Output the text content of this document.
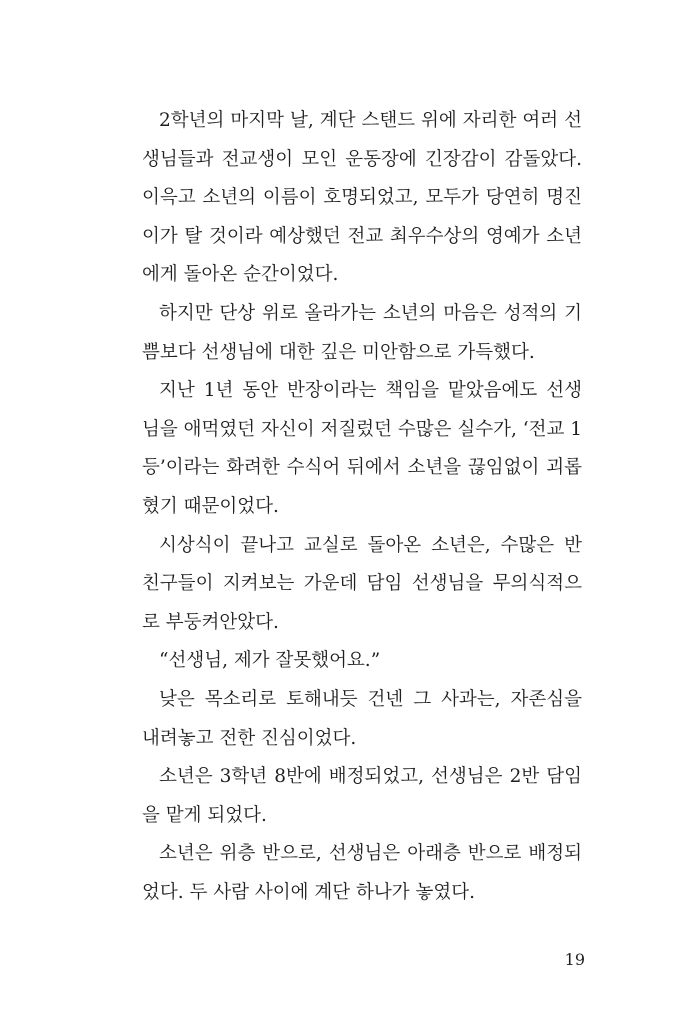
2학년의 마지막 날, 계단 스탠드 위에 자리한 여러 선
생님들과 전교생이 모인 운동장에 긴장감이 감돌았다.
이윽고 소년의 이름이 호명되었고, 모두가 당연히 명진
이가 탈 것이라 예상했던 전교 최우수상의 영예가 소년
에게 돌아온 순간이었다.

하지만 단상 위로 올라가는 소년의 마음은 성적의 기
쁨보다 선생님에 대한 깊은 미안함으로 가득했다.

지난 1년 동안 반장이라는 책임을 맡았음에도 선생
님을 애먹였던 자신이 저질렀던 수많은 실수가, ‘전교 1
등’이라는 화려한 수식어 뒤에서 소년을 끊임없이 괴롭
혔기 때문이었다.

시상식이 끝나고 교실로 돌아온 소년은, 수많은 반
친구들이 지켜보는 가운데 담임 선생님을 무의식적으
로 부둥켜안았다.

“선생님, 제가 잘못했어요.”

낮은 목소리로 토해내듯 건넨 그 사과는, 자존심을
내려놓고 전한 진심이었다.

소년은 3학년 8반에 배정되었고, 선생님은 2반 담임
을 맡게 되었다.

소년은 위층 반으로, 선생님은 아래층 반으로 배정되
었다. 두 사람 사이에 계단 하나가 놓였다.

19
